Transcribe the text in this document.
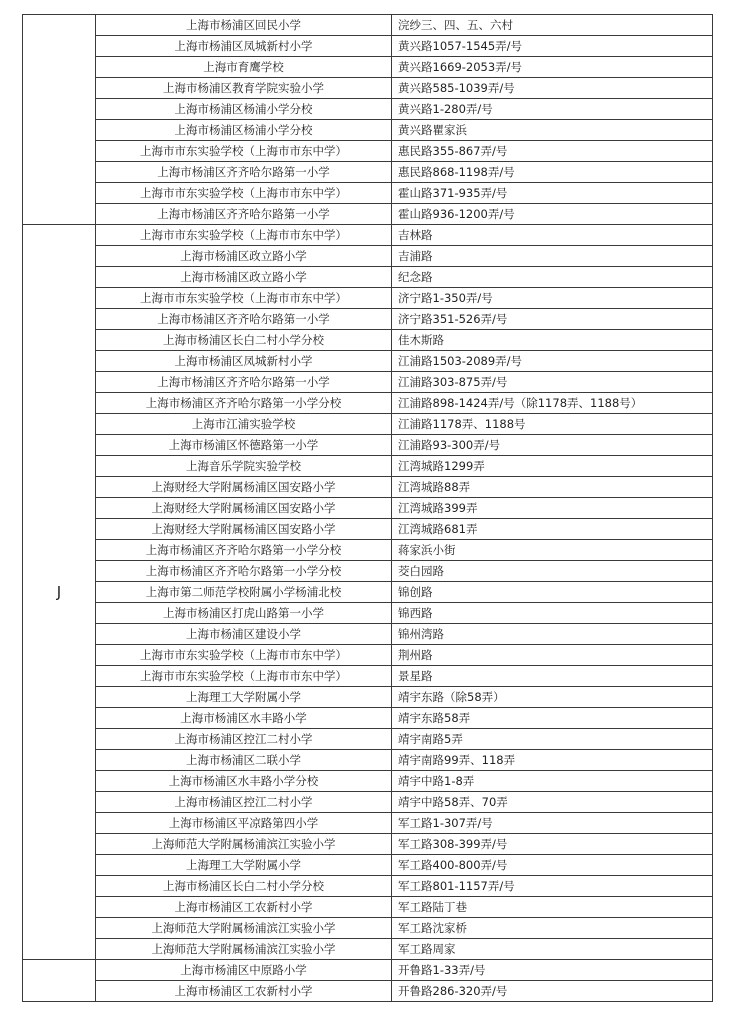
	上海市杨浦区回民小学	浣纱三、四、五、六村
	上海市杨浦区凤城新村小学	黄兴路1057-1545弄/号
	上海市育鹰学校	黄兴路1669-2053弄/号
	上海市杨浦区教育学院实验小学	黄兴路585-1039弄/号
	上海市杨浦区杨浦小学分校	黄兴路1-280弄/号
	上海市杨浦区杨浦小学分校	黄兴路瞿家浜
	上海市市东实验学校（上海市市东中学）	惠民路355-867弄/号
	上海市杨浦区齐齐哈尔路第一小学	惠民路868-1198弄/号
	上海市市东实验学校（上海市市东中学）	霍山路371-935弄/号
	上海市杨浦区齐齐哈尔路第一小学	霍山路936-1200弄/号
J	上海市市东实验学校（上海市市东中学）	吉林路
	上海市杨浦区政立路小学	吉浦路
	上海市杨浦区政立路小学	纪念路
	上海市市东实验学校（上海市市东中学）	济宁路1-350弄/号
	上海市杨浦区齐齐哈尔路第一小学	济宁路351-526弄/号
	上海市杨浦区长白二村小学分校	佳木斯路
	上海市杨浦区凤城新村小学	江浦路1503-2089弄/号
	上海市杨浦区齐齐哈尔路第一小学	江浦路303-875弄/号
	上海市杨浦区齐齐哈尔路第一小学分校	江浦路898-1424弄/号（除1178弄、1188号）
	上海市江浦实验学校	江浦路1178弄、1188号
	上海市杨浦区怀德路第一小学	江浦路93-300弄/号
	上海音乐学院实验学校	江湾城路1299弄
	上海财经大学附属杨浦区国安路小学	江湾城路88弄
	上海财经大学附属杨浦区国安路小学	江湾城路399弄
	上海财经大学附属杨浦区国安路小学	江湾城路681弄
	上海市杨浦区齐齐哈尔路第一小学分校	蒋家浜小街
	上海市杨浦区齐齐哈尔路第一小学分校	茭白园路
	上海市第二师范学校附属小学杨浦北校	锦创路
	上海市杨浦区打虎山路第一小学	锦西路
	上海市杨浦区建设小学	锦州湾路
	上海市市东实验学校（上海市市东中学）	荆州路
	上海市市东实验学校（上海市市东中学）	景星路
	上海理工大学附属小学	靖宇东路（除58弄）
	上海市杨浦区水丰路小学	靖宇东路58弄
	上海市杨浦区控江二村小学	靖宇南路5弄
	上海市杨浦区二联小学	靖宇南路99弄、118弄
	上海市杨浦区水丰路小学分校	靖宇中路1-8弄
	上海市杨浦区控江二村小学	靖宇中路58弄、70弄
	上海市杨浦区平凉路第四小学	军工路1-307弄/号
	上海师范大学附属杨浦滨江实验小学	军工路308-399弄/号
	上海理工大学附属小学	军工路400-800弄/号
	上海市杨浦区长白二村小学分校	军工路801-1157弄/号
	上海市杨浦区工农新村小学	军工路陆丁巷
	上海师范大学附属杨浦滨江实验小学	军工路沈家桥
	上海师范大学附属杨浦滨江实验小学	军工路周家
	上海市杨浦区中原路小学	开鲁路1-33弄/号
	上海市杨浦区工农新村小学	开鲁路286-320弄/号
